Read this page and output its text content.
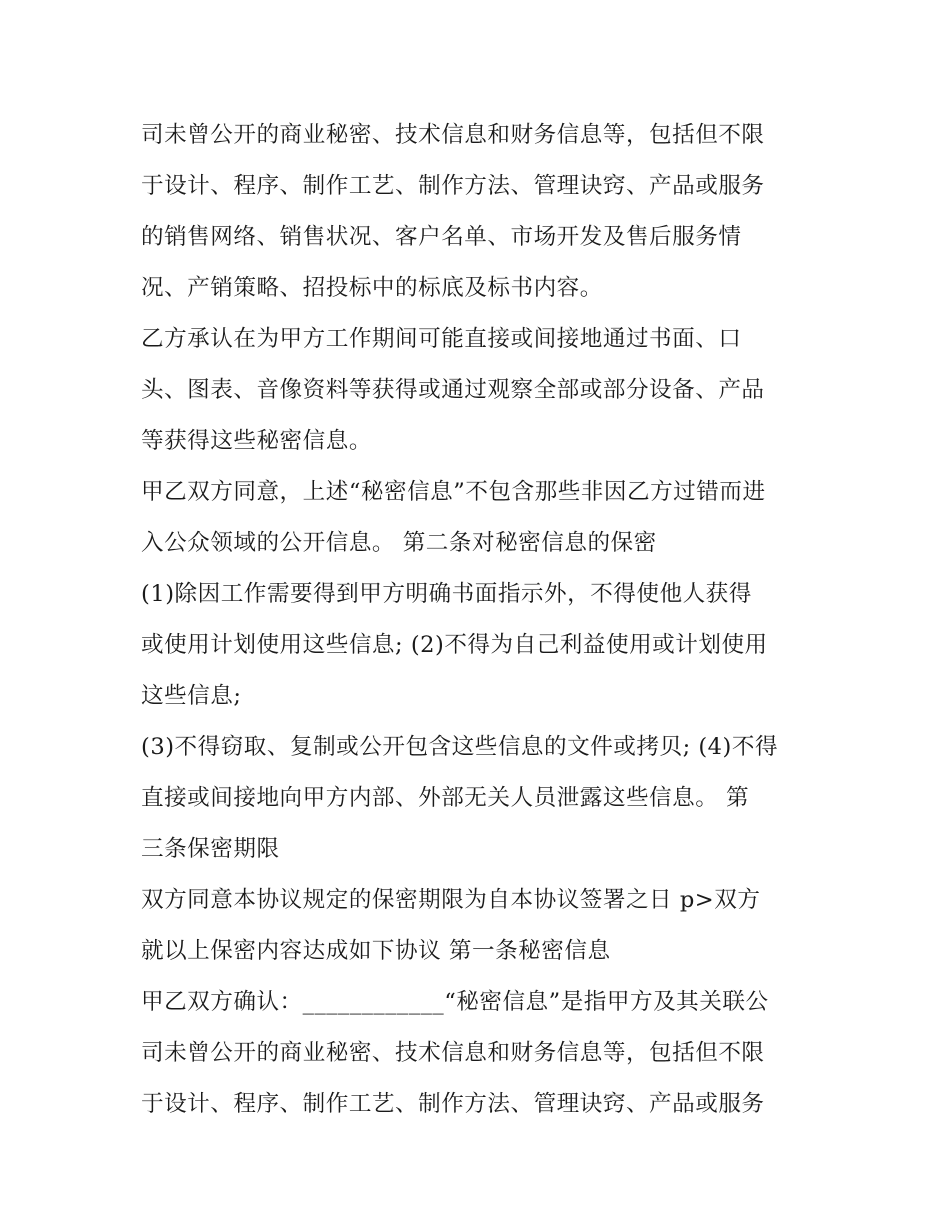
司未曾公开的商业秘密、技术信息和财务信息等，包括但不限
于设计、程序、制作工艺、制作方法、管理诀窍、产品或服务
的销售网络、销售状况、客户名单、市场开发及售后服务情
况、产销策略、招投标中的标底及标书内容。
乙方承认在为甲方工作期间可能直接或间接地通过书面、口
头、图表、音像资料等获得或通过观察全部或部分设备、产品
等获得这些秘密信息。
甲乙双方同意，上述“秘密信息”不包含那些非因乙方过错而进
入公众领域的公开信息。 第二条对秘密信息的保密
(1)除因工作需要得到甲方明确书面指示外，不得使他人获得
或使用计划使用这些信息; (2)不得为自己利益使用或计划使用
这些信息;
(3)不得窃取、复制或公开包含这些信息的文件或拷贝; (4)不得
直接或间接地向甲方内部、外部无关人员泄露这些信息。 第
三条保密期限
双方同意本协议规定的保密期限为自本协议签署之日 p>双方
就以上保密内容达成如下协议 第一条秘密信息
甲乙双方确认：____________“秘密信息”是指甲方及其关联公
司未曾公开的商业秘密、技术信息和财务信息等，包括但不限
于设计、程序、制作工艺、制作方法、管理诀窍、产品或服务
